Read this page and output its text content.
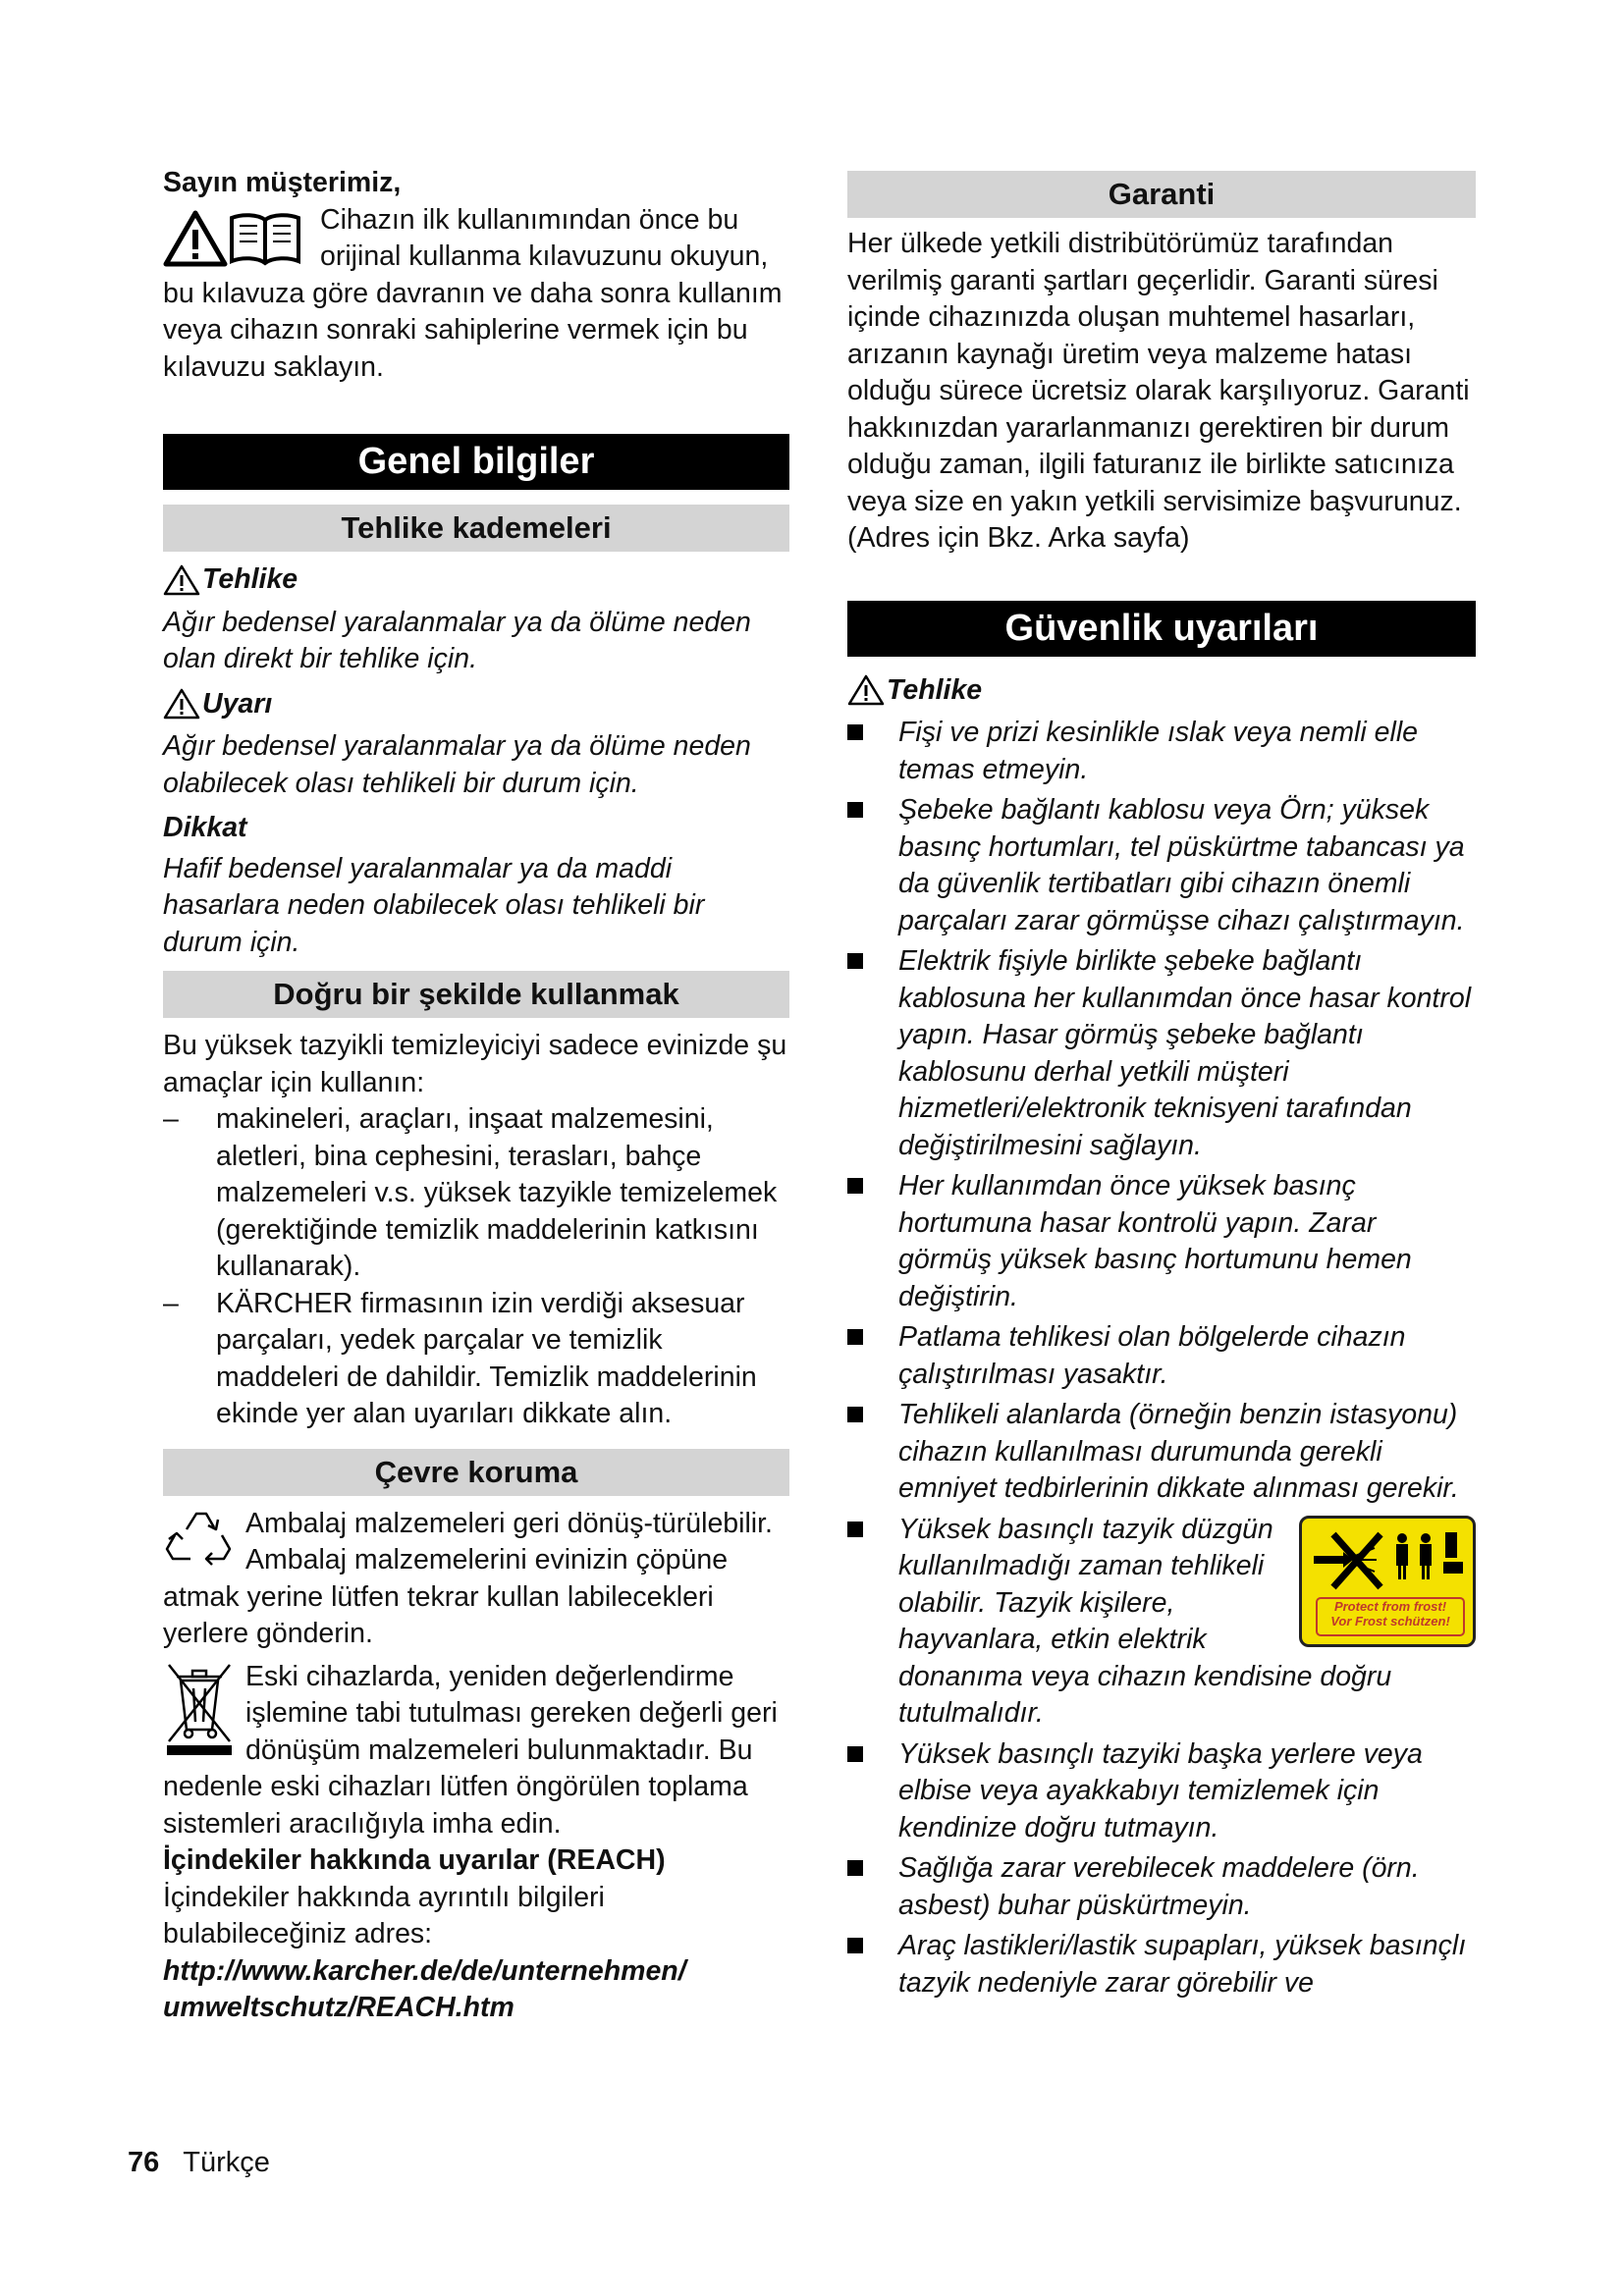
Sayın müşterimiz,

Cihazın ilk kullanımından önce bu

orijinal kullanma kılavuzunu okuyun,

bu kılavuza göre davranın ve daha sonra kullanım veya cihazın sonraki sahiplerine vermek için bu kılavuzu saklayın.

Genel bilgiler
Tehlike kademeleri
Tehlike

Ağır bedensel yaralanmalar ya da ölüme neden olan direkt bir tehlike için.

Uyarı

Ağır bedensel yaralanmalar ya da ölüme neden olabilecek olası tehlikeli bir durum için.

Dikkat

Hafif bedensel yaralanmalar ya da maddi hasarlara neden olabilecek olası tehlikeli bir durum için.

Doğru bir şekilde kullanmak

Bu yüksek tazyikli temizleyiciyi sadece evinizde şu amaçlar için kullanın:

–	makineleri, araçları, inşaat malzemesini, aletleri, bina cephesini, terasları, bahçe malzemeleri v.s. yüksek tazyikle temizelemek (gerektiğinde temizlik maddelerinin katkısını kullanarak).
–	KÄRCHER firmasının izin verdiği aksesuar parçaları, yedek parçalar ve temizlik maddeleri de dahildir. Temizlik maddelerinin ekinde yer alan uyarıları dikkate alın.
Çevre koruma
Ambalaj malzemeleri geri dönüş-türülebilir. Ambalaj malzemelerini evinizin çöpüne atmak yerine lütfen tekrar kullan labilecekleri yerlere gönderin.
Eski cihazlarda, yeniden değerlendirme işlemine tabi tutulması gereken değerli geri dönüşüm malzemeleri bulunmaktadır. Bu nedenle eski cihazları lütfen öngörülen toplama sistemleri aracılığıyla imha edin.

İçindekiler hakkında uyarılar (REACH)

İçindekiler hakkında ayrıntılı bilgileri bulabileceğiniz adres:

http://www.karcher.de/de/unternehmen/

umweltschutz/REACH.htm

Garanti

Her ülkede yetkili distribütörümüz tarafından verilmiş garanti şartları geçerlidir. Garanti süresi içinde cihazınızda oluşan muhtemel hasarları, arızanın kaynağı üretim veya malzeme hatası olduğu sürece ücretsiz olarak karşılıyoruz. Garanti hakkınızdan yararlanmanızı gerektiren bir durum olduğu zaman, ilgili faturanız ile birlikte satıcınıza veya size en yakın yetkili servisimize başvurunuz.

(Adres için Bkz. Arka sayfa)

Güvenlik uyarıları
Tehlike
Fişi ve prizi kesinlikle ıslak veya nemli elle temas etmeyin.
Şebeke bağlantı kablosu veya Örn; yüksek basınç hortumları, tel püskürtme tabancası ya da güvenlik tertibatları gibi cihazın önemli parçaları zarar görmüşse cihazı çalıştırmayın.
Elektrik fişiyle birlikte şebeke bağlantı kablosuna her kullanımdan önce hasar kontrol yapın. Hasar görmüş şebeke bağlantı kablosunu derhal yetkili müşteri hizmetleri/elektronik teknisyeni tarafından değiştirilmesini sağlayın.
Her kullanımdan önce yüksek basınç hortumuna hasar kontrolü yapın. Zarar görmüş yüksek basınç hortumunu hemen değiştirin.
Patlama tehlikesi olan bölgelerde cihazın çalıştırılması yasaktır.
Tehlikeli alanlarda (örneğin benzin istasyonu) cihazın kullanılması durumunda gerekli emniyet tedbirlerinin dikkate alınması gerekir.
Protect from frost!
Vor Frost schützen!
Yüksek basınçlı tazyik düzgün kullanılmadığı zaman tehlikeli olabilir. Tazyik kişilere, hayvanlara, etkin elektrik donanıma veya cihazın kendisine doğru tutulmalıdır.
Yüksek basınçlı tazyiki başka yerlere veya elbise veya ayakkabıyı temizlemek için kendinize doğru tutmayın.
Sağlığa zarar verebilecek maddelere (örn. asbest) buhar püskürtmeyin.
Araç lastikleri/lastik supapları, yüksek basınçlı tazyik nedeniyle zarar görebilir ve
76 Türkçe
